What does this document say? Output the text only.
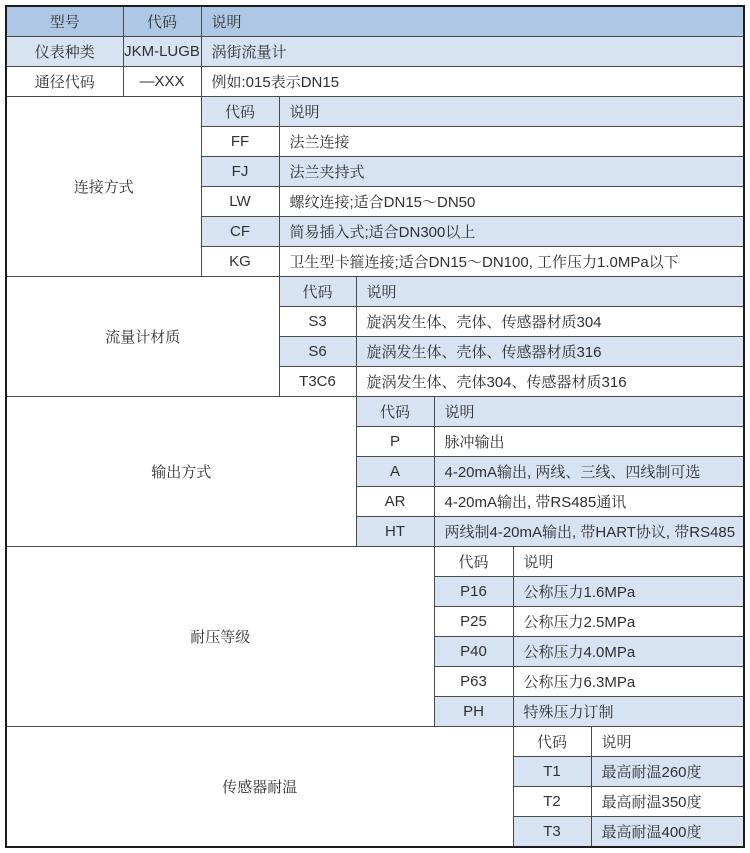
型号	代码	说明					
仪表种类	JKM-LUGB	涡街流量计					
通径代码	—XXX	例如:015表示DN15					
连接方式		代码	说明				
		FF	法兰连接				
		FJ	法兰夹持式				
		LW	螺纹连接;适合DN15～DN50				
		CF	简易插入式;适合DN300以上				
		KG	卫生型卡箍连接;适合DN15～DN100, 工作压力1.0MPa以下				
流量计材质			代码	说明			
			S3	旋涡发生体、壳体、传感器材质304			
			S6	旋涡发生体、壳体、传感器材质316			
			T3C6	旋涡发生体、壳体304、传感器材质316			
输出方式				代码	说明		
				P	脉冲输出		
				A	4-20mA输出, 两线、三线、四线制可选		
				AR	4-20mA输出, 带RS485通讯		
				HT	两线制4-20mA输出, 带HART协议, 带RS485		
耐压等级					代码	说明	
					P16	公称压力1.6MPa	
					P25	公称压力2.5MPa	
					P40	公称压力4.0MPa	
					P63	公称压力6.3MPa	
					PH	特殊压力订制	
传感器耐温						代码	说明
						T1	最高耐温260度
						T2	最高耐温350度
						T3	最高耐温400度
